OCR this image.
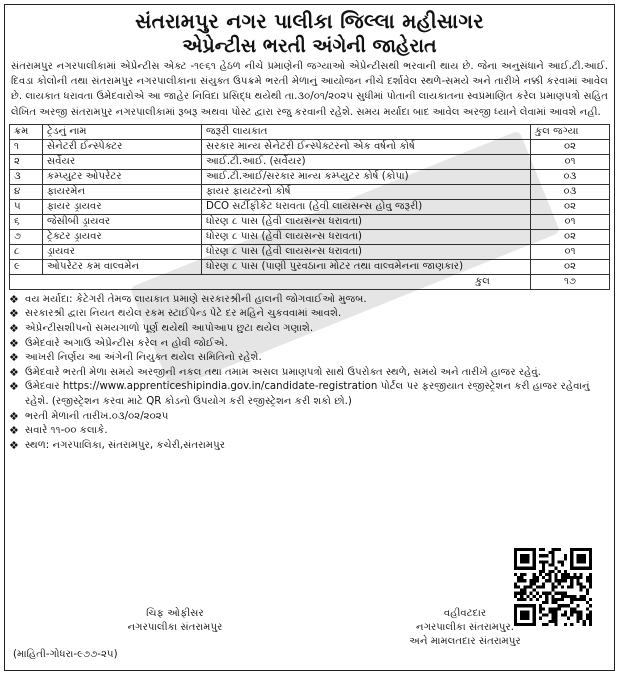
સંતરામપુર નગર પાલીકા જિલ્લા મહીસાગર
એપ્રેન્ટીસ ભરતી અંગેની જાહેરાત
સંતરામપુર નગરપાલીકામાં એપ્રેન્ટીસ એક્ટ -૧૯૬૧ હેઠળ નીચે પ્રમાણેની જગ્યાઓ એપ્રેન્ટીસથી ભરવાની થાય છે. જેના અનુસંધાને આઈ.ટી.આઈ. દિવડા કોલોની તથા સંતરામપુર નગરપાલીકાના સંયુક્ત ઉપક્રમે ભરતી મેળાનું આયોજન નીચે દર્શાવેલ સ્થળે-સમયે અને તારીખે નક્કી કરવામાં આવેલ છે. લાયકાત ધરાવતા ઉમેદવારોએ આ જાહેર નિવિદા પ્રસિદ્ધ થયેથી તા.૩૦/૦૧/૨૦૨૫ સુધીમાં પોતાની લાયકાતના સ્વપ્રમાણિત કરેલ પ્રમાણપત્રો સહિત લેખિત અરજી સંતરામપુર નગરપાલીકામાં રૂબરૂ અથવા પોસ્ટ દ્વારા રજુ કરવાની રહેશે. સમય મર્યાદા બાદ આવેલ અરજી ધ્યાને લેવામાં આવશે નહી.
ક્રમ	ટ્રેડનું નામ	જરૂરી લાયકાત	કુલ જગ્યા
૧	સેનેટરી ઈન્સ્પેક્ટર	સરકાર માન્ય સેનેટરી ઈન્સ્પેક્ટરનો એક વર્ષનો કોર્ષ	૦૨
૨	સર્વેયર	આઈ.ટી.આઈ. (સર્વેયર)	૦૧
૩	કમ્પ્યુટર ઓપરેટર	આઈ.ટી.આઈ/સરકાર માન્ય કમ્પ્યુટર કોર્ષ (કોપા)	૦૩
૪	ફાયરમેન	ફાયર ફાયટરનો કોર્ષ	૦૩
૫	ફાયર ડ્રાયવર	DCO સર્ટીફીકેટ ધરાવતા (હેવી લાયસન્સ હોવુ જરૂરી)	૦૨
૬	જેસીબી ડ્રાયવર	ધોરણ ૮ પાસ (હેવી લાયસન્સ ધરાવતા)	૦૧
૭	ટ્રેક્ટર ડ્રાયવર	ધોરણ ૮ પાસ (હેવી લાયસન્સ ધરાવતા)	૦૨
૮	ડ્રાયવર	ધોરણ ૮ પાસ (હેવી લાયસન્સ ધરાવતા)	૦૧
૯	ઓપરેટર કમ વાલ્વમેન	ધોરણ ૮ પાસ (પાણી પુરવઠાના મોટર તથા વાલ્વમેનના જાણકાર)	૦૨
કુલ			૧૭
❖ વય મર્યાદા: કેટેગરી તેમજ લાયકાત પ્રમાણે સરકારશ્રીની હાલની જોગવાઈઓ મુજબ.
❖ સરકારશ્રી દ્વારા નિયત થયેલ રકમ સ્ટાઈપેન્ડ પેટે દર મહિને ચુકવવામાં આવશે.
❖ એપ્રેન્ટીસશીપનો સમયગાળો પૂર્ણ થયેથી આપોઆપ છુટા થયેલ ગણાશે.
❖ ઉમેદવારે અગાઉ એપ્રેન્ટીસ કરેલ ન હોવી જોઈએ.
❖ આખરી નિર્ણય આ અંગેની નિયુક્ત થયેલ સમિતિનો રહેશે.
❖ ઉમેદવારે ભરતી મેળા સમયે અરજીની નકલ તથા તમામ અસલ પ્રમાણપત્રો સાથે ઉપરોક્ત સ્થળે, સમયે અને તારીખે હાજર રહેવું.
❖ ઉમેદવાર https://www.apprenticeshipindia.gov.in/candidate-registration પોર્ટલ પર ફરજીયાત રજીસ્ટ્રેશન કરી હાજર રહેવાનું રહેશે. (રજીસ્ટ્રેશન કરવા માટે QR કોડનો ઉપયોગ કરી રજીસ્ટ્રેશન કરી શકો છો.)
❖ ભરતી મેળાની તારીખ.૦૩/૦૨/૨૦૨૫
❖ સવારે ૧૧-૦૦ કલાકે.
❖ સ્થળ: નગરપાલિકા, સંતરામપુર, કચેરી,સંતરામપુર
ચિફ ઓફીસર
નગરપાલીકા સંતરામપુર
વહીવટદાર
નગરપાલીકા સંતરામપુર.
અને મામલતદાર સંતરામપુર
(માહિતી-ગોધરા-૯૭૭-૨૫)
